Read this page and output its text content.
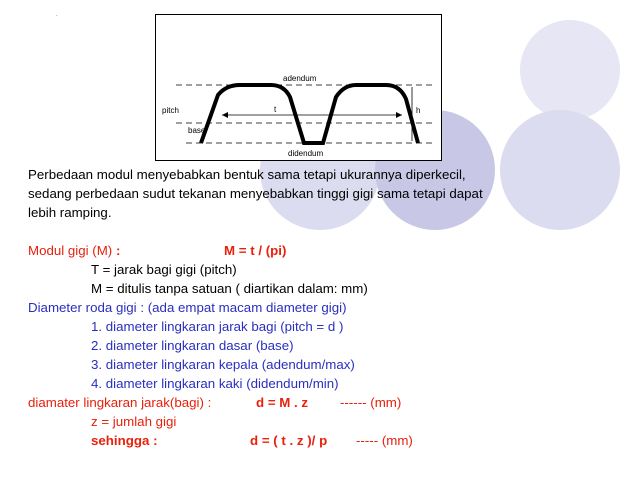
.
adendum
pitch	t	h
base
didendum
Perbedaan modul menyebabkan bentuk sama tetapi ukurannya diperkecil,
sedang perbedaan sudut tekanan menyebabkan tinggi gigi sama tetapi dapat
lebih ramping.
Modul gigi (M) :	M = t / (pi)
T = jarak bagi gigi (pitch)
M = ditulis tanpa satuan ( diartikan dalam: mm)
Diameter roda gigi : (ada empat macam diameter gigi)
1. diameter lingkaran jarak bagi (pitch = d )
2. diameter lingkaran dasar (base)
3. diameter lingkaran kepala (adendum/max)
4. diameter lingkaran kaki (didendum/min)
diamater lingkaran jarak(bagi) :	d = M . z ------ (mm)
z = jumlah gigi
sehingga :	d = ( t . z )/ p ----- (mm)
